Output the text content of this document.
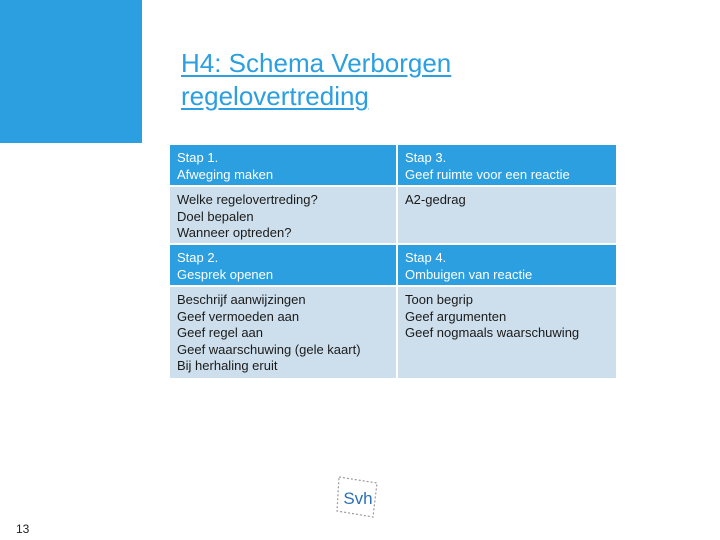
H4: Schema Verborgen regelovertreding
Stap 1.
Afweging maken
Stap 3.
Geef ruimte voor een reactie
Welke regelovertreding?
Doel bepalen
Wanneer optreden?
A2-gedrag
Stap 2.
Gesprek openen
Stap 4.
Ombuigen van reactie
Beschrijf aanwijzingen
Geef vermoeden aan
Geef regel aan
Geef waarschuwing (gele kaart)
Bij herhaling eruit
Toon begrip
Geef argumenten
Geef nogmaals waarschuwing
Svh
13
